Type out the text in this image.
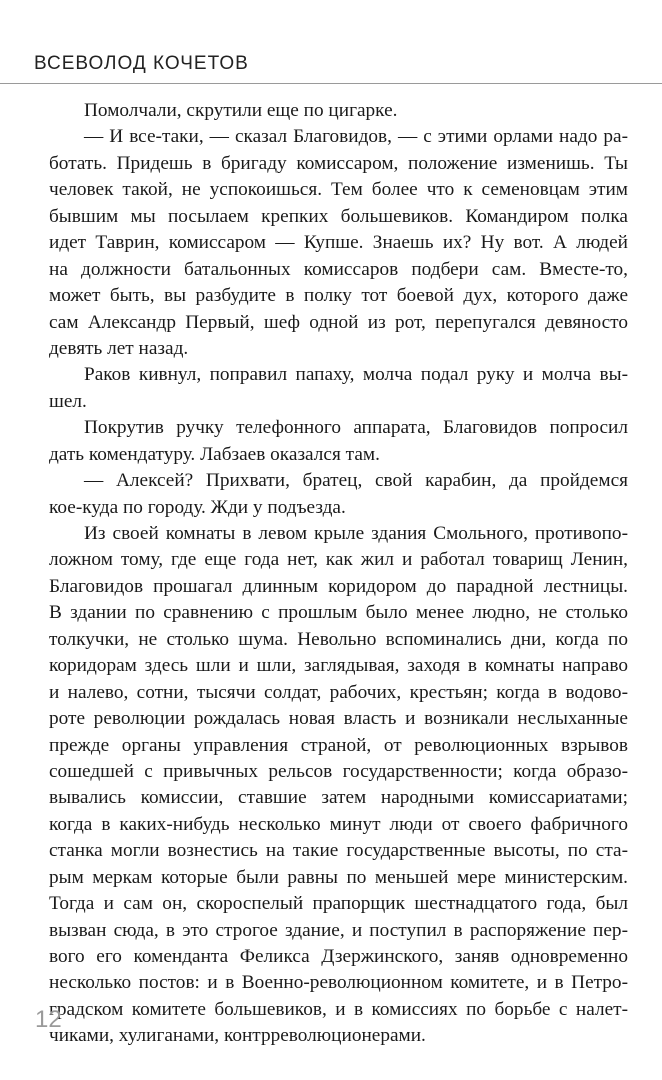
ВСЕВОЛОД КОЧЕТОВ
Помолчали, скрутили еще по цигарке.
— И все-таки, — сказал Благовидов, — с этими орлами надо ра-
ботать. Придешь в бригаду комиссаром, положение изменишь. Ты
человек такой, не успокоишься. Тем более что к семеновцам этим
бывшим мы посылаем крепких большевиков. Командиром полка
идет Таврин, комиссаром — Купше. Знаешь их? Ну вот. А людей
на должности батальонных комиссаров подбери сам. Вместе-то,
может быть, вы разбудите в полку тот боевой дух, которого даже
сам Александр Первый, шеф одной из рот, перепугался девяносто
девять лет назад.
Раков кивнул, поправил папаху, молча подал руку и молча вы-
шел.
Покрутив ручку телефонного аппарата, Благовидов попросил
дать комендатуру. Лабзаев оказался там.
— Алексей? Прихвати, братец, свой карабин, да пройдемся
кое-куда по городу. Жди у подъезда.
Из своей комнаты в левом крыле здания Смольного, противопо-
ложном тому, где еще года нет, как жил и работал товарищ Ленин,
Благовидов прошагал длинным коридором до парадной лестницы.
В здании по сравнению с прошлым было менее людно, не столько
толкучки, не столько шума. Невольно вспоминались дни, когда по
коридорам здесь шли и шли, заглядывая, заходя в комнаты направо
и налево, сотни, тысячи солдат, рабочих, крестьян; когда в водово-
роте революции рождалась новая власть и возникали неслыханные
прежде органы управления страной, от революционных взрывов
сошедшей с привычных рельсов государственности; когда образо-
вывались комиссии, ставшие затем народными комиссариатами;
когда в каких-нибудь несколько минут люди от своего фабричного
станка могли вознестись на такие государственные высоты, по ста-
рым меркам которые были равны по меньшей мере министерским.
Тогда и сам он, скороспелый прапорщик шестнадцатого года, был
вызван сюда, в это строгое здание, и поступил в распоряжение пер-
вого его коменданта Феликса Дзержинского, заняв одновременно
несколько постов: и в Военно-революционном комитете, и в Петро-
градском комитете большевиков, и в комиссиях по борьбе с налет-
чиками, хулиганами, контрреволюционерами.
12
